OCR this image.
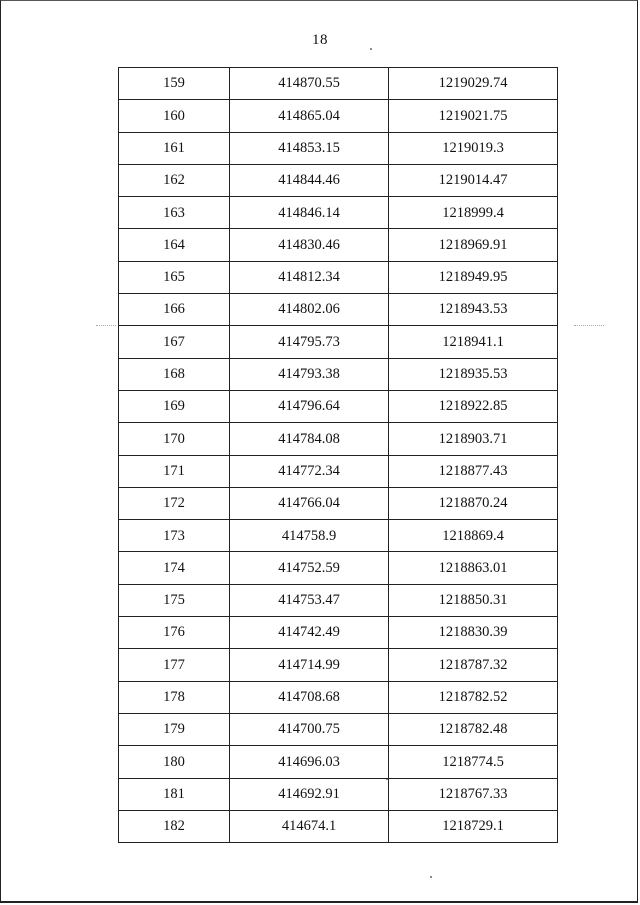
18
159	414870.55	1219029.74
160	414865.04	1219021.75
161	414853.15	1219019.3
162	414844.46	1219014.47
163	414846.14	1218999.4
164	414830.46	1218969.91
165	414812.34	1218949.95
166	414802.06	1218943.53
167	414795.73	1218941.1
168	414793.38	1218935.53
169	414796.64	1218922.85
170	414784.08	1218903.71
171	414772.34	1218877.43
172	414766.04	1218870.24
173	414758.9	1218869.4
174	414752.59	1218863.01
175	414753.47	1218850.31
176	414742.49	1218830.39
177	414714.99	1218787.32
178	414708.68	1218782.52
179	414700.75	1218782.48
180	414696.03	1218774.5
181	414692.91	1218767.33
182	414674.1	1218729.1
